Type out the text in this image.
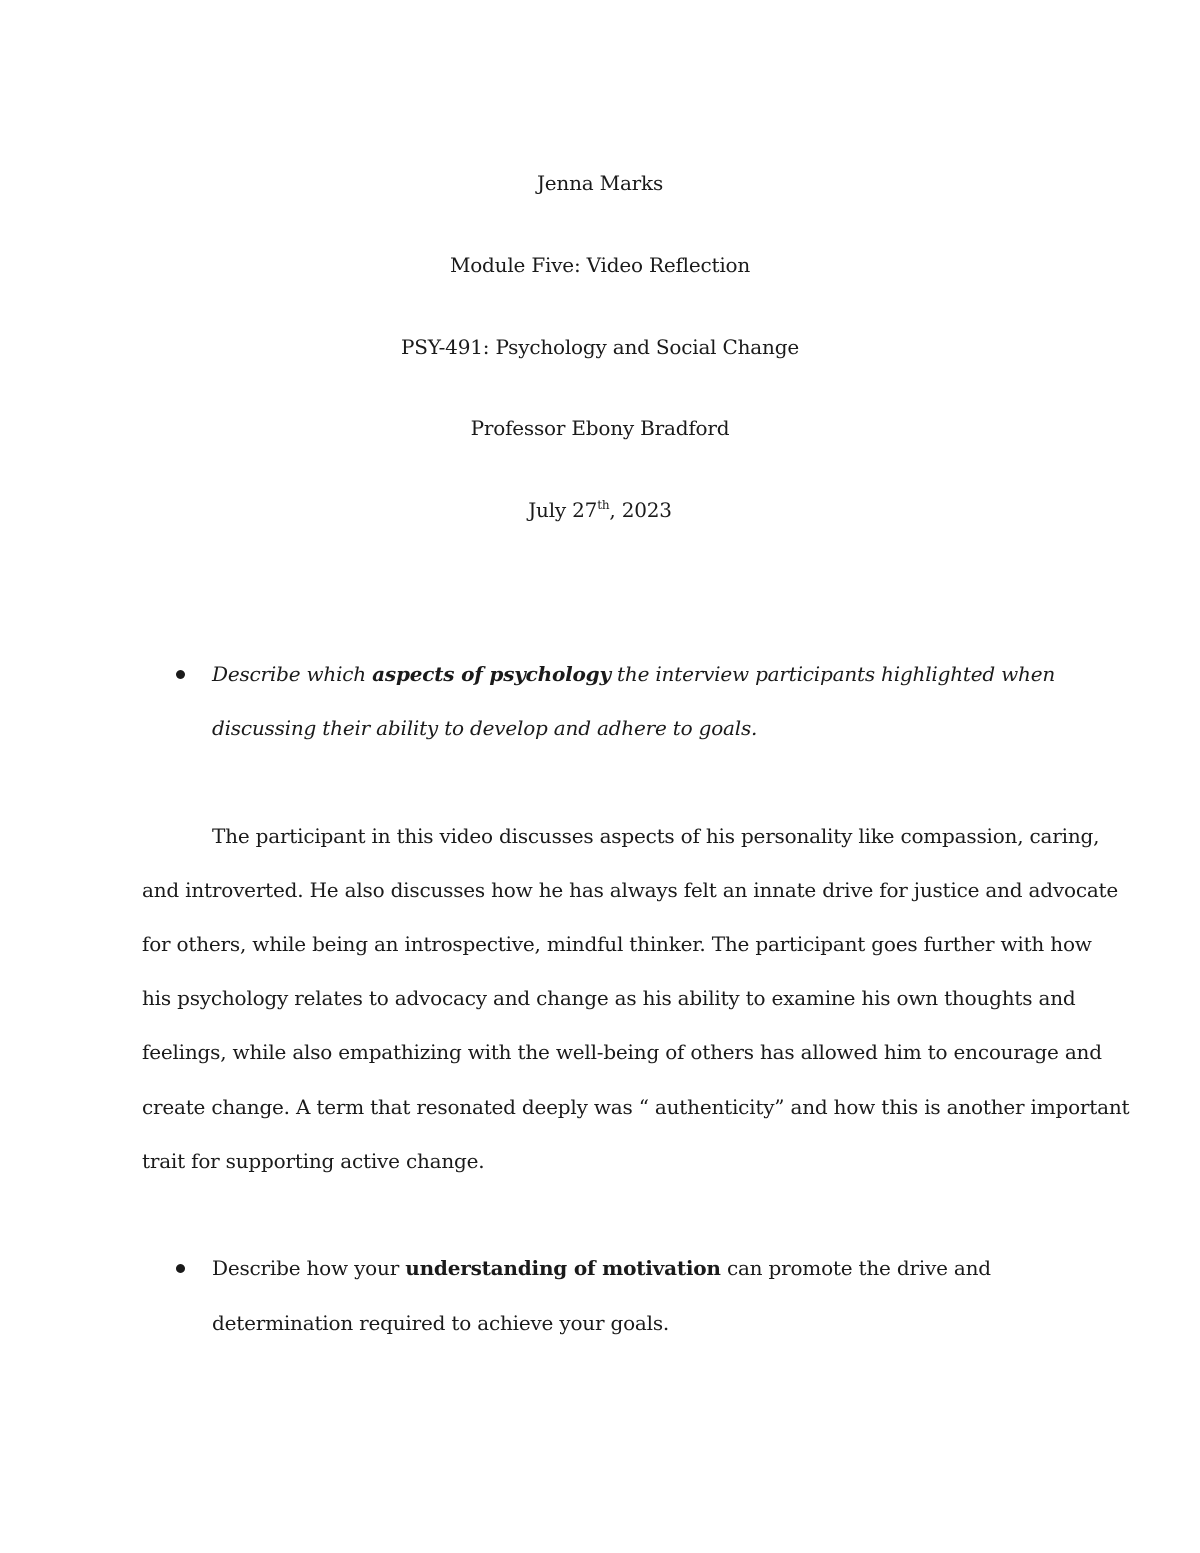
Jenna Marks
Module Five: Video Reflection
PSY-491: Psychology and Social Change
Professor Ebony Bradford
July 27th, 2023
Describe which aspects of psychology the interview participants highlighted when
discussing their ability to develop and adhere to goals.
The participant in this video discusses aspects of his personality like compassion, caring,
and introverted. He also discusses how he has always felt an innate drive for justice and advocate
for others, while being an introspective, mindful thinker. The participant goes further with how
his psychology relates to advocacy and change as his ability to examine his own thoughts and
feelings, while also empathizing with the well-being of others has allowed him to encourage and
create change. A term that resonated deeply was “ authenticity” and how this is another important
trait for supporting active change.
Describe how your understanding of motivation can promote the drive and
determination required to achieve your goals.
